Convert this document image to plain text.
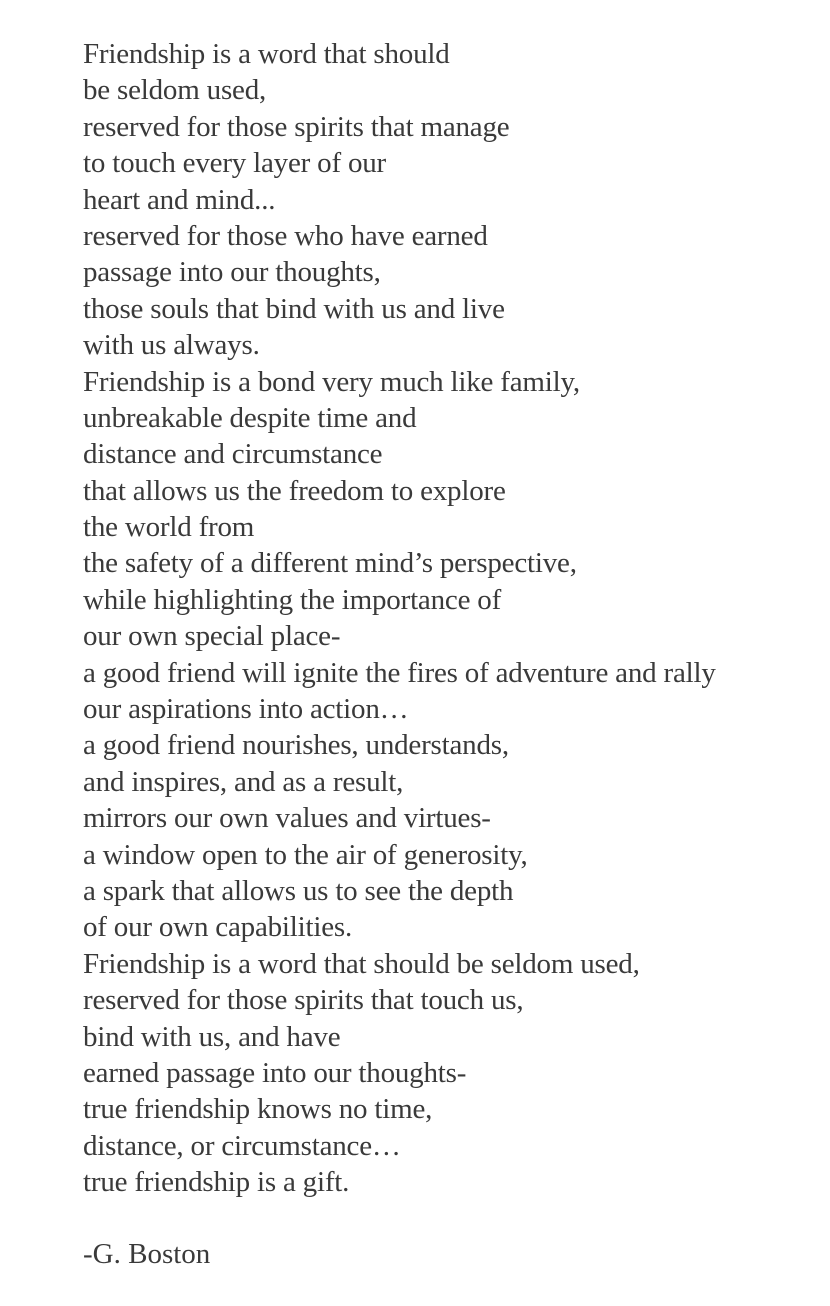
Friendship is a word that should
be seldom used,
reserved for those spirits that manage
to touch every layer of our
heart and mind...
reserved for those who have earned
passage into our thoughts,
those souls that bind with us and live
with us always.
Friendship is a bond very much like family,
unbreakable despite time and
distance and circumstance
that allows us the freedom to explore
the world from
the safety of a different mind’s perspective,
while highlighting the importance of
our own special place-
a good friend will ignite the fires of adventure and rally
our aspirations into action…
a good friend nourishes, understands,
and inspires, and as a result,
mirrors our own values and virtues-
a window open to the air of generosity,
a spark that allows us to see the depth
of our own capabilities.
Friendship is a word that should be seldom used,
reserved for those spirits that touch us,
bind with us, and have
earned passage into our thoughts-
true friendship knows no time,
distance, or circumstance…
true friendship is a gift.
-G. Boston
